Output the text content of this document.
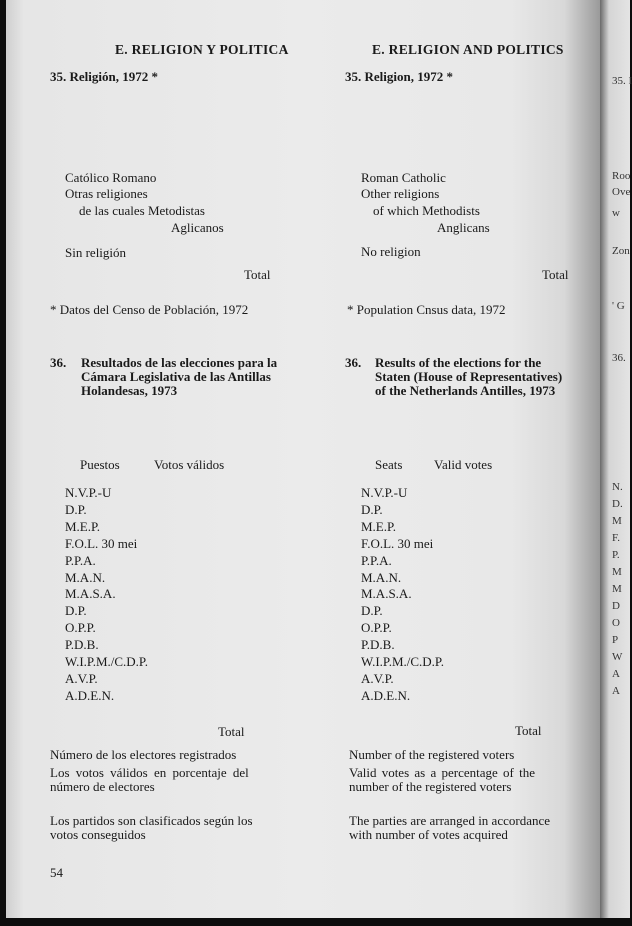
E. RELIGION Y POLITICA
35. Religión, 1972 *
Católico Romano
Otras religiones
de las cuales Metodistas
Aglicanos
Sin religión
Total
* Datos del Censo de Población, 1972
36. Resultados de las elecciones para la
Cámara Legislativa de las Antillas
Holandesas, 1973
Puestos	Votos válidos
N.V.P.-U
D.P.
M.E.P.
F.O.L. 30 mei
P.P.A.
M.A.N.
M.A.S.A.
D.P.
O.P.P.
P.D.B.
W.I.P.M./C.D.P.
A.V.P.
A.D.E.N.
Total
Número de los electores registrados
Los votos válidos en porcentaje del
número de electores
Los partidos son clasificados según los
votos conseguidos
54
E. RELIGION AND POLITICS
35. Religion, 1972 *
Roman Catholic
Other religions
of which Methodists
Anglicans
No religion
Total
* Population Cnsus data, 1972
36. Results of the elections for the
Staten (House of Representatives)
of the Netherlands Antilles, 1973
Seats Valid votes
N.V.P.-U
D.P.
M.E.P.
F.O.L. 30 mei
P.P.A.
M.A.N.
M.A.S.A.
D.P.
O.P.P.
P.D.B.
W.I.P.M./C.D.P.
A.V.P.
A.D.E.N.
Total
Number of the registered voters
Valid votes as a percentage of the
number of the registered voters
The parties are arranged in accordance
with number of votes acquired
35. I
Roo
Ove
w
Zon
' G
36.
N.
D.
M
F.
P.
M
M
D
O
P
W
A
A
